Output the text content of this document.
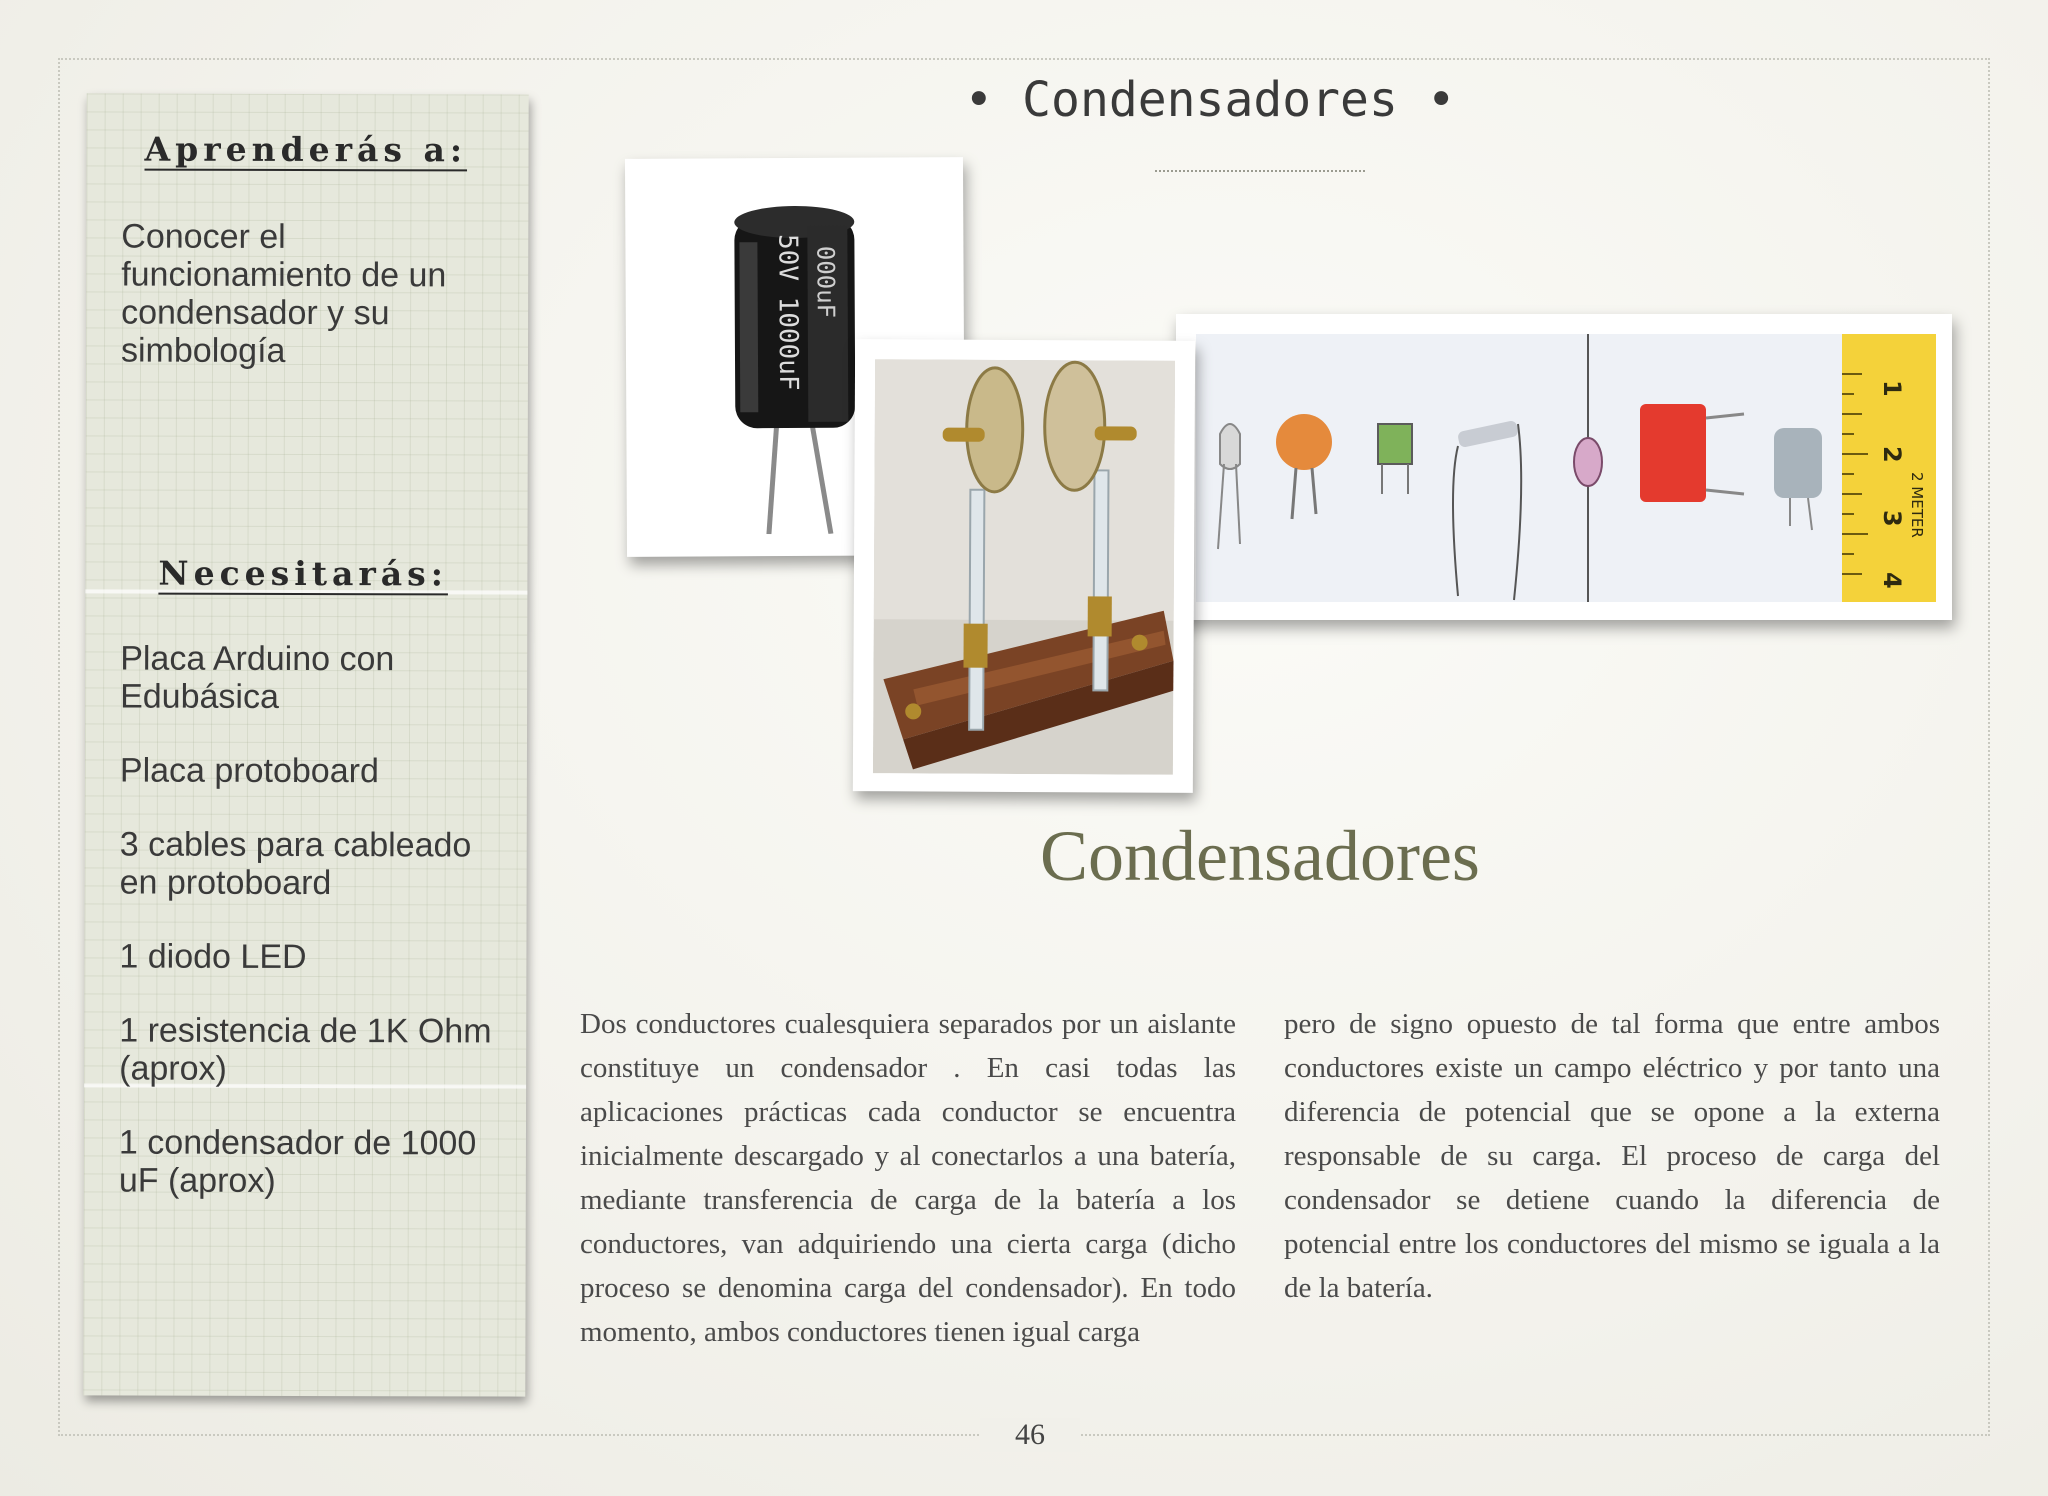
Aprenderás a:
Conocer el funcionamiento de un condensador y su simbología
Necesitarás:
Placa Arduino con Edubásica
Placa protoboard
3 cables para cableado en protoboard
1 diodo LED
1 resistencia de 1K Ohm (aprox)
1 condensador de 1000 uF (aprox)
• Condensadores •
50V 1000uF 000uF
1
2
3
4
2 METER
Condensadores

Dos conductores cualesquiera separados por un aislante constituye un condensador . En casi todas las aplicaciones prácticas cada conductor se encuentra inicialmente descargado y al conectarlos a una batería, mediante transferencia de carga de la batería a los conductores, van adquiriendo una cierta carga (dicho proceso se denomina carga del condensador). En todo momento, ambos conductores tienen igual carga

pero de signo opuesto de tal forma que entre ambos conductores existe un campo eléctrico y por tanto una diferencia de potencial que se opone a la externa responsable de su carga. El proceso de carga del condensador se detiene cuando la diferencia de potencial entre los conductores del mismo se iguala a la de la batería.

46
